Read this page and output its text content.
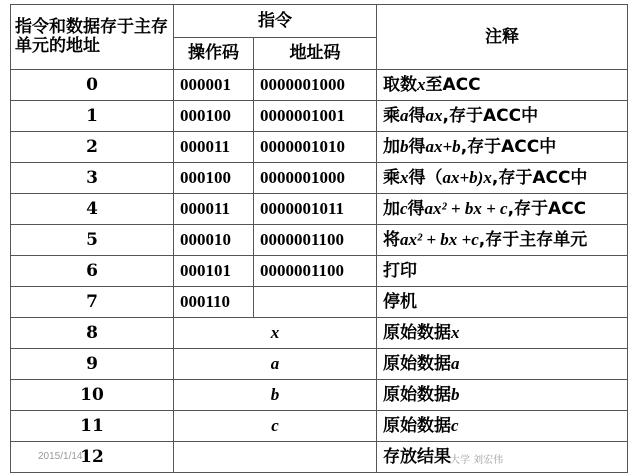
指令和数据存于主存单元的地址	指令		注释
	操作码	地址码	
0	000001	0000001000	取数x至ACC
1	000100	0000001001	乘a得ax,存于ACC中
2	000011	0000001010	加b得ax+b,存于ACC中
3	000100	0000001000	乘x得（ax+b)x,存于ACC中
4	000011	0000001011	加c得ax² + bx + c,存于ACC
5	000010	0000001100	将ax² + bx +c,存于主存单元
6	000101	0000001100	打印
7	000110		停机
8	x		原始数据x
9	a		原始数据a
10	b		原始数据b
11	c		原始数据c
12			存放结果
2015/1/14	大学 刘宏伟
